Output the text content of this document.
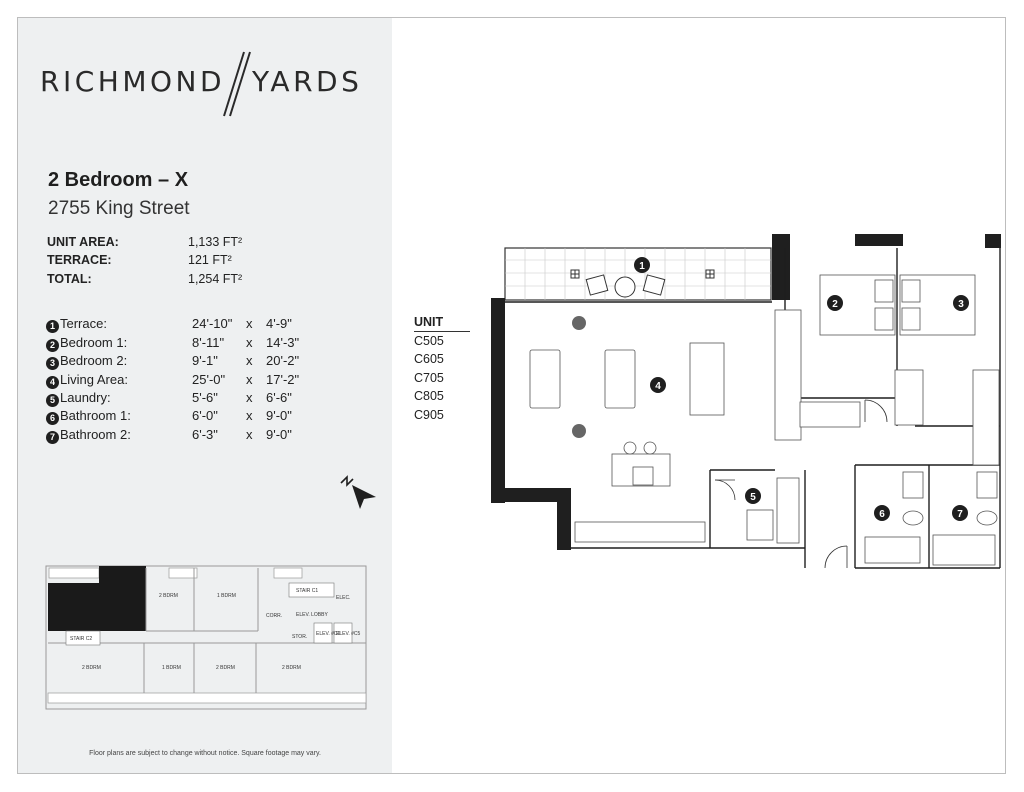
RICHMOND YARDS
2 Bedroom – X
2755 King Street
UNIT AREA:	1,133 FT²
TERRACE:	121 FT²
TOTAL:	1,254 FT²
1 Terrace:	24'-10" x 4'-9"
2 Bedroom 1:	8'-11" x 14'-3"
3 Bedroom 2:	9'-1" x 20'-2"
4 Living Area:	25'-0" x 17'-2"
5 Laundry:	5'-6" x 6'-6"
6 Bathroom 1:	6'-0" x 9'-0"
7 Bathroom 2:	6'-3" x 9'-0"
2 BDRM	1 BDRM
CORR.
STAIR C1
ELEC.
ELEV. LOBBY
STOR. ELEV. #C6
ELEV. #C5
STAIR C2
2 BDRM	1 BDRM	2 BDRM	2 BDRM
Floor plans are subject to change without notice. Square footage may vary.
UNIT
C505
C605
C705
C805
C905
1
4
2	3
5
6	7
